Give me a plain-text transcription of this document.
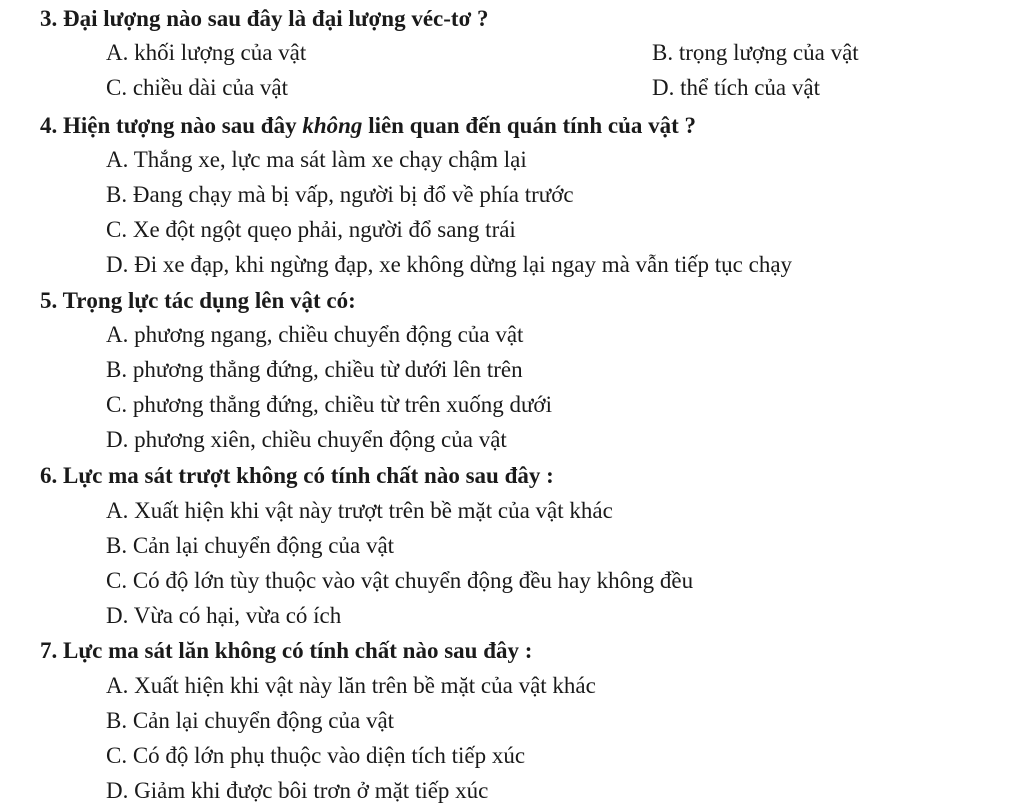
3. Đại lượng nào sau đây là đại lượng véc-tơ ?
A. khối lượng của vật	B. trọng lượng của vật
C. chiều dài của vật	D. thể tích của vật
4. Hiện tượng nào sau đây không liên quan đến quán tính của vật ?
A. Thắng xe, lực ma sát làm xe chạy chậm lại
B. Đang chạy mà bị vấp, người bị đổ về phía trước
C. Xe đột ngột quẹo phải, người đổ sang trái
D. Đi xe đạp, khi ngừng đạp, xe không dừng lại ngay mà vẫn tiếp tục chạy
5. Trọng lực tác dụng lên vật có:
A. phương ngang, chiều chuyển động của vật
B. phương thẳng đứng, chiều từ dưới lên trên
C. phương thẳng đứng, chiều từ trên xuống dưới
D. phương xiên, chiều chuyển động của vật
6. Lực ma sát trượt không có tính chất nào sau đây :
A. Xuất hiện khi vật này trượt trên bề mặt của vật khác
B. Cản lại chuyển động của vật
C. Có độ lớn tùy thuộc vào vật chuyển động đều hay không đều
D. Vừa có hại, vừa có ích
7. Lực ma sát lăn không có tính chất nào sau đây :
A. Xuất hiện khi vật này lăn trên bề mặt của vật khác
B. Cản lại chuyển động của vật
C. Có độ lớn phụ thuộc vào diện tích tiếp xúc
D. Giảm khi được bôi trơn ở mặt tiếp xúc
